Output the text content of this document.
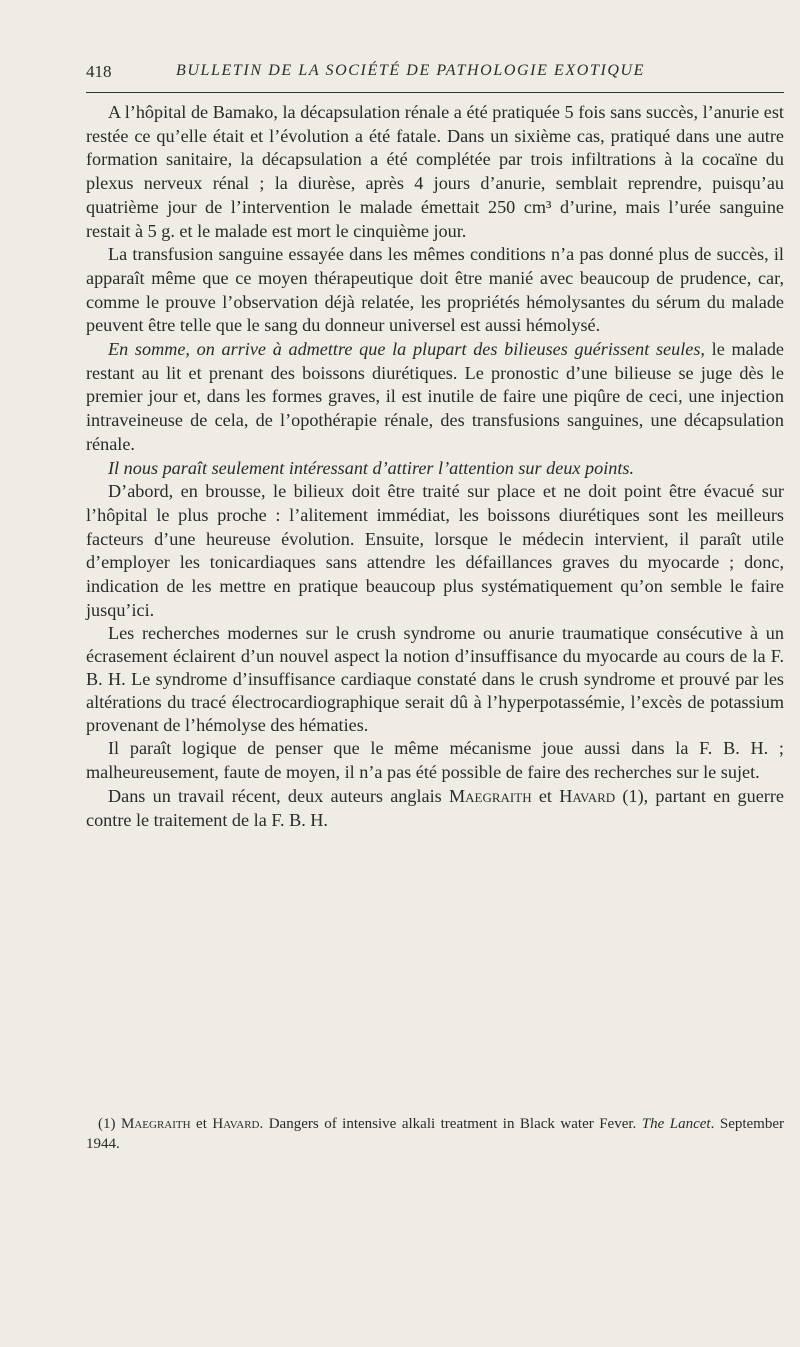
418	BULLETIN DE LA SOCIÉTÉ DE PATHOLOGIE EXOTIQUE

A l’hôpital de Bamako, la décapsulation rénale a été pratiquée 5 fois sans succès, l’anurie est restée ce qu’elle était et l’évolution a été fatale. Dans un sixième cas, pratiqué dans une autre formation sanitaire, la décapsulation a été complétée par trois infiltrations à la cocaïne du plexus nerveux rénal ; la diurèse, après 4 jours d’anurie, semblait reprendre, puisqu’au quatrième jour de l’intervention le malade émettait 250 cm³ d’urine, mais l’urée sanguine restait à 5 g. et le malade est mort le cinquième jour.

La transfusion sanguine essayée dans les mêmes conditions n’a pas donné plus de succès, il apparaît même que ce moyen thérapeutique doit être manié avec beaucoup de prudence, car, comme le prouve l’observation déjà relatée, les propriétés hémolysantes du sérum du malade peuvent être telle que le sang du donneur universel est aussi hémolysé.

En somme, on arrive à admettre que la plupart des bilieuses guérissent seules, le malade restant au lit et prenant des boissons diurétiques. Le pronostic d’une bilieuse se juge dès le premier jour et, dans les formes graves, il est inutile de faire une piqûre de ceci, une injection intraveineuse de cela, de l’opothérapie rénale, des transfusions sanguines, une décapsulation rénale.

Il nous paraît seulement intéressant d’attirer l’attention sur deux points.

D’abord, en brousse, le bilieux doit être traité sur place et ne doit point être évacué sur l’hôpital le plus proche : l’alitement immédiat, les boissons diurétiques sont les meilleurs facteurs d’une heureuse évolution. Ensuite, lorsque le médecin intervient, il paraît utile d’employer les tonicardiaques sans attendre les défaillances graves du myocarde ; donc, indication de les mettre en pratique beaucoup plus systématiquement qu’on semble le faire jusqu’ici.

Les recherches modernes sur le crush syndrome ou anurie traumatique consécutive à un écrasement éclairent d’un nouvel aspect la notion d’insuffisance du myocarde au cours de la F. B. H. Le syndrome d’insuffisance cardiaque constaté dans le crush syndrome et prouvé par les altérations du tracé électrocardiographique serait dû à l’hyperpotassémie, l’excès de potassium provenant de l’hémolyse des hématies.

Il paraît logique de penser que le même mécanisme joue aussi dans la F. B. H. ; malheureusement, faute de moyen, il n’a pas été possible de faire des recherches sur le sujet.

Dans un travail récent, deux auteurs anglais Maegraith et Havard (1), partant en guerre contre le traitement de la F. B. H.

(1) Maegraith et Havard. Dangers of intensive alkali treatment in Black water Fever. The Lancet. September 1944.
